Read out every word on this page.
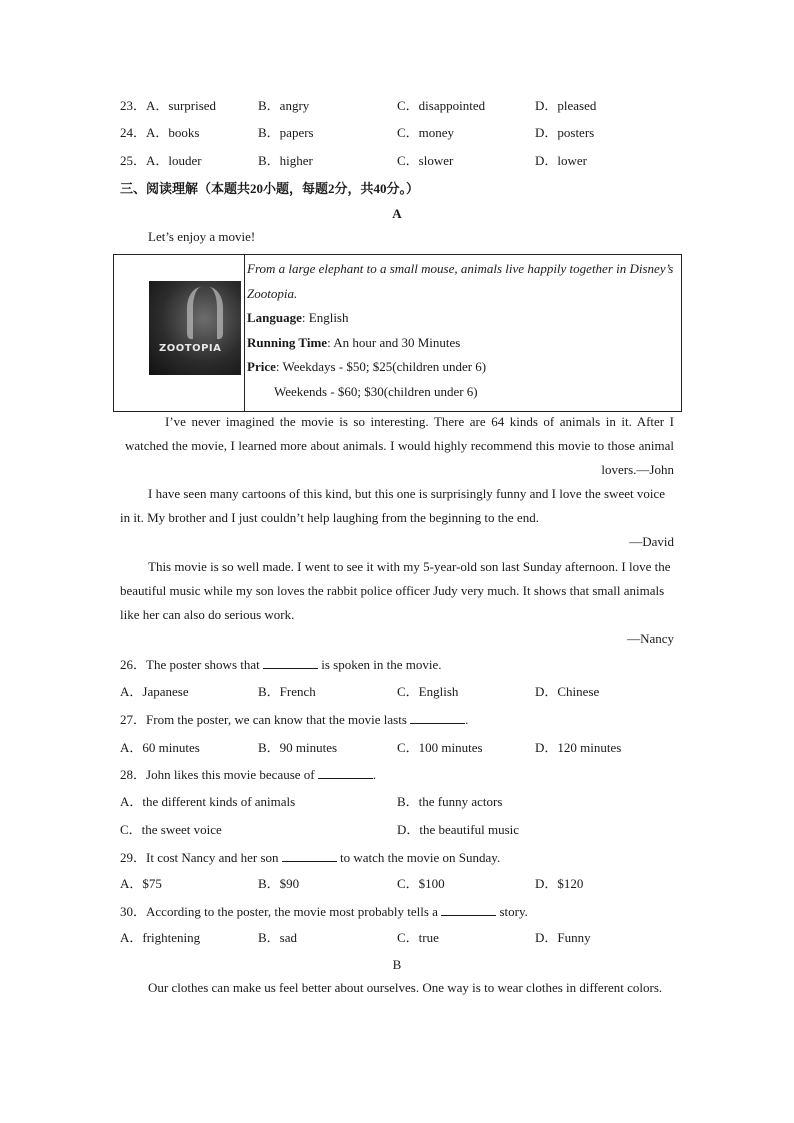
23．A．surprised	B．angry	C．disappointed	D．pleased
24．A．books	B．papers	C．money	D．posters
25．A．louder	B．higher	C．slower	D．lower
三、阅读理解（本题共20小题，每题2分，共40分。）
A
Let’s enjoy a movie!
ZOOTOPIA
From a large elephant to a small mouse, animals live happily together in Disney’s Zootopia.
Language: English
Running Time: An hour and 30 Minutes
Price: Weekdays - $50; $25(children under 6)
Weekends - $60; $30(children under 6)
I’ve never imagined the movie is so interesting. There are 64 kinds of animals in it. After I watched the movie, I learned more about animals. I would highly recommend this movie to those animal lovers.—John
I have seen many cartoons of this kind, but this one is surprisingly funny and I love the sweet voice in it. My brother and I just couldn’t help laughing from the beginning to the end.
—David
This movie is so well made. I went to see it with my 5-year-old son last Sunday afternoon. I love the beautiful music while my son loves the rabbit police officer Judy very much. It shows that small animals like her can also do serious work.
—Nancy
26．The poster shows that	is spoken in the movie.
A．Japanese	B．French	C．English	D．Chinese
27．From the poster, we can know that the movie lasts	.
A．60 minutes	B．90 minutes	C．100 minutes	D．120 minutes
28．John likes this movie because of	.
A．the different kinds of animals	B．the funny actors
C．the sweet voice	D．the beautiful music
29．It cost Nancy and her son	to watch the movie on Sunday.
A．$75	B．$90	C．$100	D．$120
30．According to the poster, the movie most probably tells a	story.
A．frightening	B．sad	C．true	D．Funny
B
Our clothes can make us feel better about ourselves. One way is to wear clothes in different colors.
